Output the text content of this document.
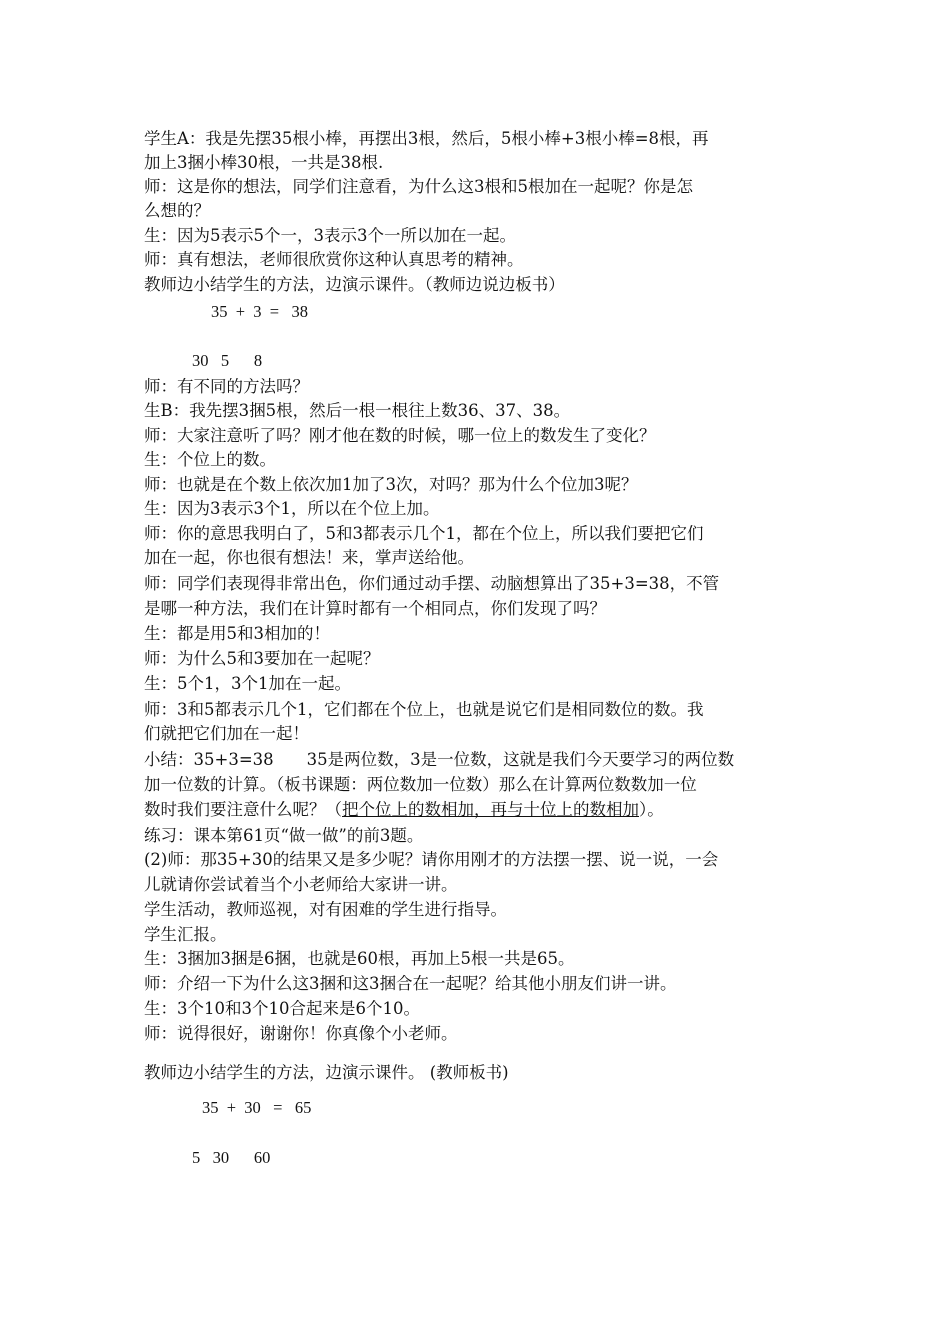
学生A：我是先摆35根小棒，再摆出3根，然后，5根小棒+3根小棒=8根，再
加上3捆小棒30根，一共是38根.
师：这是你的想法，同学们注意看，为什么这3根和5根加在一起呢？你是怎
么想的？
生：因为5表示5个一，3表示3个一所以加在一起。
师：真有想法，老师很欣赏你这种认真思考的精神。
教师边小结学生的方法，边演示课件。（教师边说边板书）
35  +  3  =   38
30   5      8
师：有不同的方法吗？
生B：我先摆3捆5根，然后一根一根往上数36、37、38。
师：大家注意听了吗？刚才他在数的时候，哪一位上的数发生了变化？
生：个位上的数。
师：也就是在个数上依次加1加了3次，对吗？那为什么个位加3呢？
生：因为3表示3个1，所以在个位上加。
师：你的意思我明白了，5和3都表示几个1，都在个位上，所以我们要把它们
加在一起，你也很有想法！来，掌声送给他。
师：同学们表现得非常出色，你们通过动手摆、动脑想算出了35+3=38，不管
是哪一种方法，我们在计算时都有一个相同点，你们发现了吗？
生：都是用5和3相加的！
师：为什么5和3要加在一起呢？
生：5个1，3个1加在一起。
师：3和5都表示几个1，它们都在个位上，也就是说它们是相同数位的数。我
们就把它们加在一起！
小结：35+3=38　　35是两位数，3是一位数，这就是我们今天要学习的两位数
加一位数的计算。（板书课题：两位数加一位数）那么在计算两位数数加一位
数时我们要注意什么呢？（把个位上的数相加，再与十位上的数相加）。
练习：课本第61页“做一做”的前3题。
(2)师：那35+30的结果又是多少呢？请你用刚才的方法摆一摆、说一说，一会
儿就请你尝试着当个小老师给大家讲一讲。
学生活动，教师巡视，对有困难的学生进行指导。
学生汇报。
生：3捆加3捆是6捆，也就是60根，再加上5根一共是65。
师：介绍一下为什么这3捆和这3捆合在一起呢？给其他小朋友们讲一讲。
生：3个10和3个10合起来是6个10。
师：说得很好，谢谢你！你真像个小老师。
教师边小结学生的方法，边演示课件。 (教师板书)
35  +  30   =   65
5   30      60
